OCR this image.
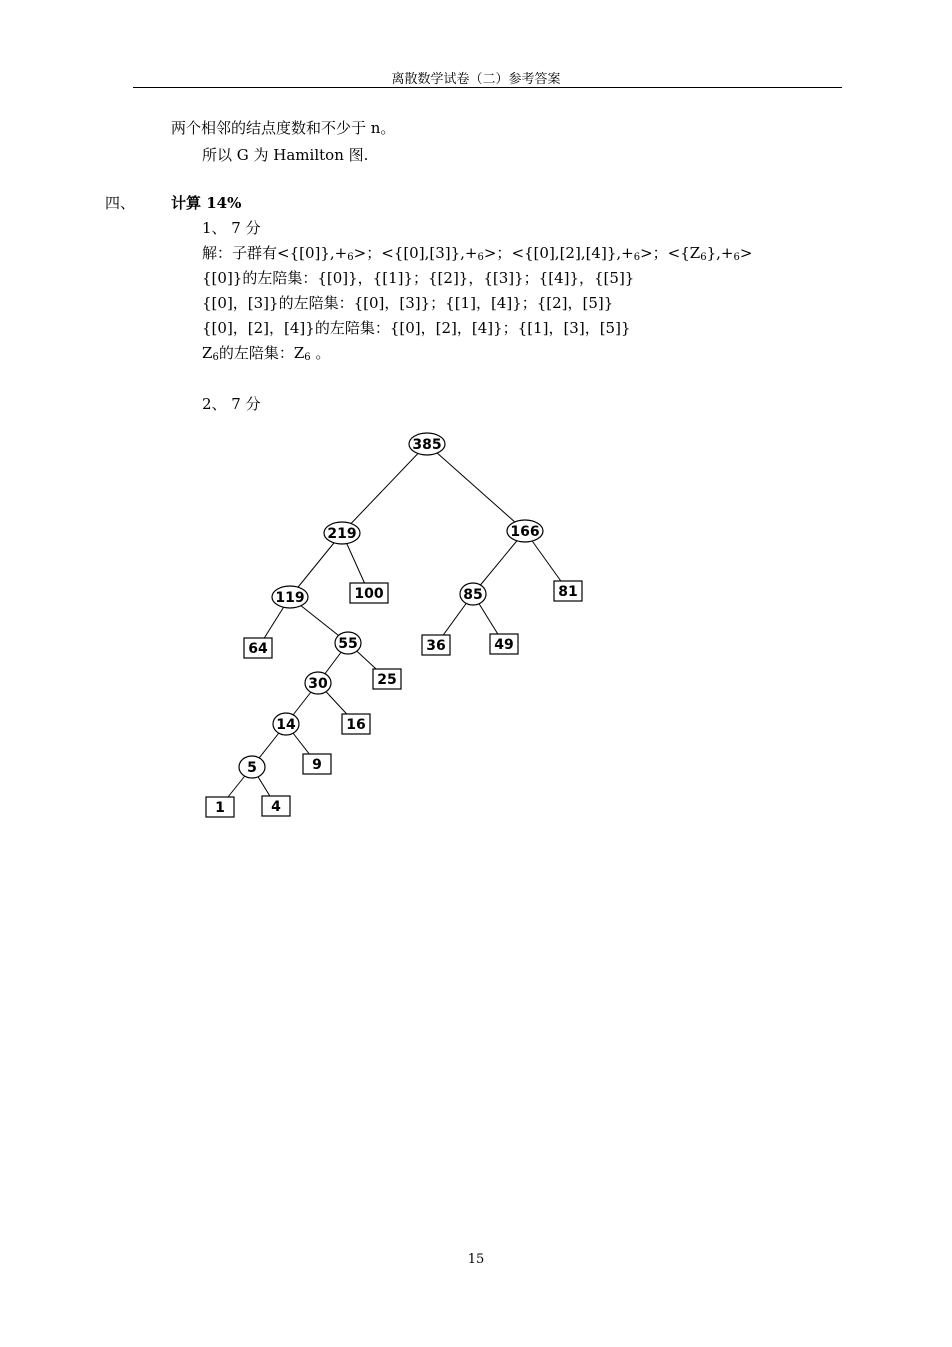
离散数学试卷（二）参考答案
两个相邻的结点度数和不少于 n。
所以 G 为 Hamilton 图.
四、 计算 14%
1、 7 分
解：子群有$<\{[0]\},+_6>$；$<\{[0],[3]\},+_6>$；$<\{[0],[2],[4]\},+_6>$；$<\{Z_6\},+_6>$
{[0]}的左陪集：{[0]}，{[1]}；{[2]}，{[3]}；{[4]}，{[5]}
{[0]，[3]}的左陪集：{[0]，[3]}；{[1]，[4]}；{[2]，[5]}
{[0]，[2]，[4]}的左陪集：{[0]，[2]，[4]}；{[1]，[3]，[5]}
$Z_6$的左陪集：$Z_6$ 。
2、 7 分
385
219	166
119	100	85	81
64	55	36	49
30	25
14	16
5	9
1	4
15
